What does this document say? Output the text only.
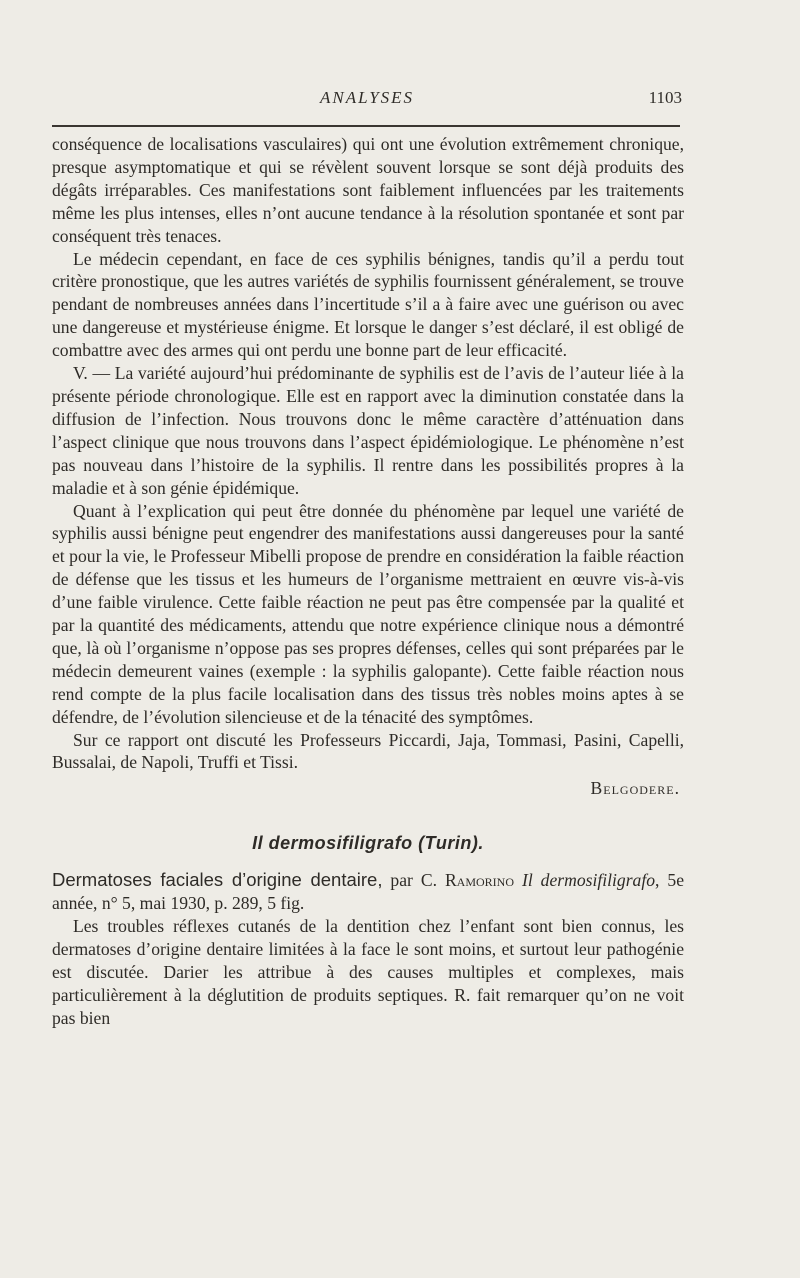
ANALYSES	1103

conséquence de localisations vasculaires) qui ont une évolution extrêmement chronique, presque asymptomatique et qui se révèlent souvent lorsque se sont déjà produits des dégâts irréparables. Ces manifestations sont faiblement influencées par les traitements même les plus intenses, elles n’ont aucune tendance à la résolution spontanée et sont par conséquent très tenaces.

Le médecin cependant, en face de ces syphilis bénignes, tandis qu’il a perdu tout critère pronostique, que les autres variétés de syphilis fournissent généralement, se trouve pendant de nombreuses années dans l’incertitude s’il a à faire avec une guérison ou avec une dangereuse et mystérieuse énigme. Et lorsque le danger s’est déclaré, il est obligé de combattre avec des armes qui ont perdu une bonne part de leur efficacité.

V. — La variété aujourd’hui prédominante de syphilis est de l’avis de l’auteur liée à la présente période chronologique. Elle est en rapport avec la diminution constatée dans la diffusion de l’infection. Nous trouvons donc le même caractère d’atténuation dans l’aspect clinique que nous trouvons dans l’aspect épidémiologique. Le phénomène n’est pas nouveau dans l’histoire de la syphilis. Il rentre dans les possibilités propres à la maladie et à son génie épidémique.

Quant à l’explication qui peut être donnée du phénomène par lequel une variété de syphilis aussi bénigne peut engendrer des manifestations aussi dangereuses pour la santé et pour la vie, le Professeur Mibelli propose de prendre en considération la faible réaction de défense que les tissus et les humeurs de l’organisme mettraient en œuvre vis-à-vis d’une faible virulence. Cette faible réaction ne peut pas être compensée par la qualité et par la quantité des médicaments, attendu que notre expérience clinique nous a démontré que, là où l’organisme n’oppose pas ses propres défenses, celles qui sont préparées par le médecin demeurent vaines (exemple : la syphilis galopante). Cette faible réaction nous rend compte de la plus facile localisation dans des tissus très nobles moins aptes à se défendre, de l’évolution silencieuse et de la ténacité des symptômes.

Sur ce rapport ont discuté les Professeurs Piccardi, Jaja, Tommasi, Pasini, Capelli, Bussalai, de Napoli, Truffi et Tissi.

Belgodere.
Il dermosifiligrafo (Turin).

Dermatoses faciales d’origine dentaire, par C. Ramorino Il dermosifiligrafo, 5e année, n° 5, mai 1930, p. 289, 5 fig.

Les troubles réflexes cutanés de la dentition chez l’enfant sont bien connus, les dermatoses d’origine dentaire limitées à la face le sont moins, et surtout leur pathogénie est discutée. Darier les attribue à des causes multiples et complexes, mais particulièrement à la déglutition de produits septiques. R. fait remarquer qu’on ne voit pas bien
